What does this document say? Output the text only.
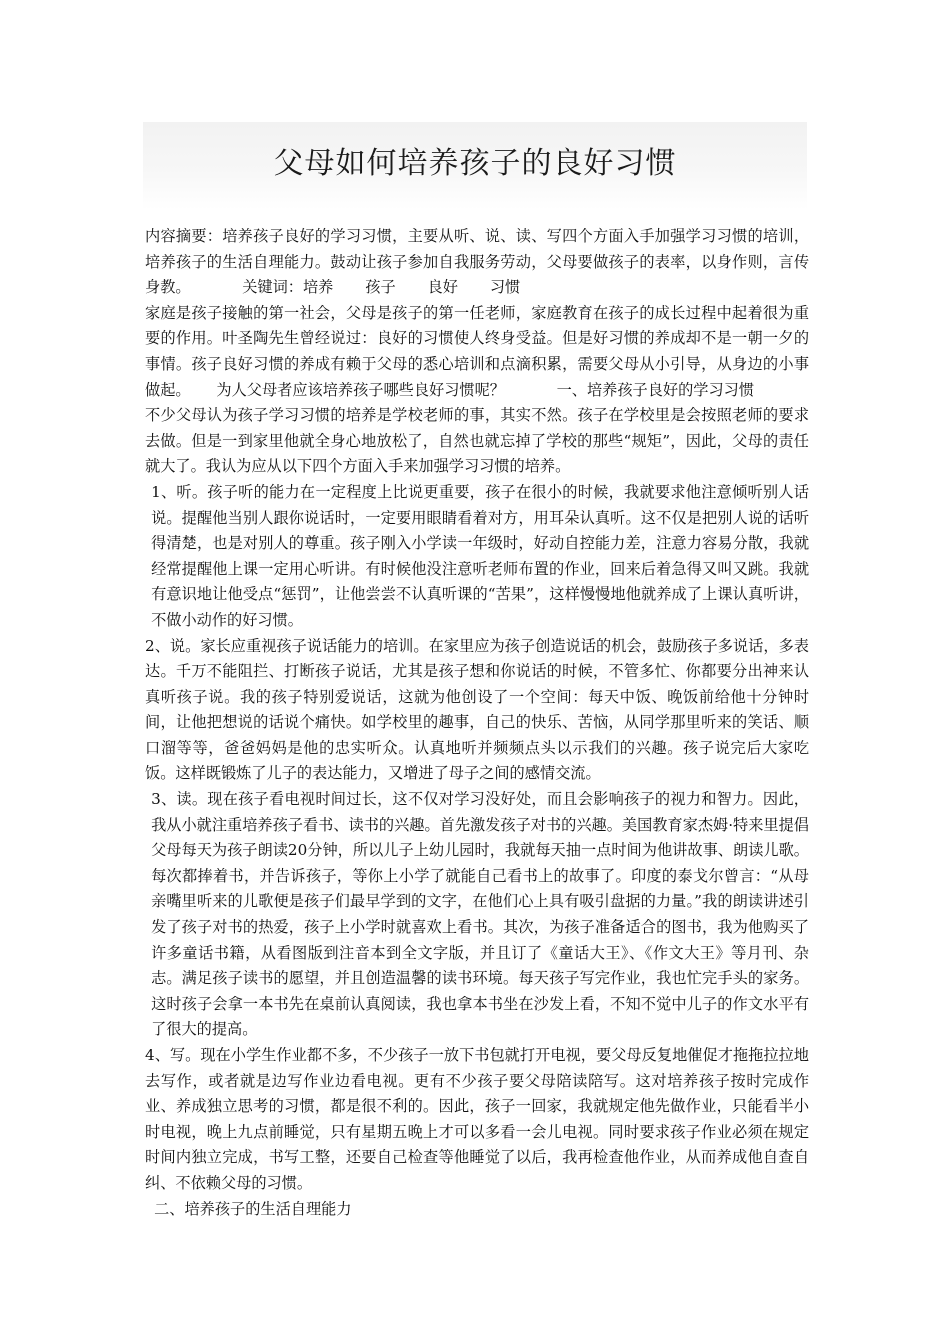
父母如何培养孩子的良好习惯

内容摘要：培养孩子良好的学习习惯，主要从听、说、读、写四个方面入手加强学习习惯的培训，培养孩子的生活自理能力。鼓动让孩子参加自我服务劳动，父母要做孩子的表率，以身作则，言传身教。	关键词：培养 孩子 良好 习惯

家庭是孩子接触的第一社会，父母是孩子的第一任老师，家庭教育在孩子的成长过程中起着很为重要的作用。叶圣陶先生曾经说过：良好的习惯使人终身受益。但是好习惯的养成却不是一朝一夕的事情。孩子良好习惯的养成有赖于父母的悉心培训和点滴积累，需要父母从小引导，从身边的小事做起。 为人父母者应该培养孩子哪些良好习惯呢？	一、培养孩子良好的学习习惯

不少父母认为孩子学习习惯的培养是学校老师的事，其实不然。孩子在学校里是会按照老师的要求去做。但是一到家里他就全身心地放松了，自然也就忘掉了学校的那些“规矩”，因此，父母的责任就大了。我认为应从以下四个方面入手来加强学习习惯的培养。

1、听。孩子听的能力在一定程度上比说更重要，孩子在很小的时候，我就要求他注意倾听别人话说。提醒他当别人跟你说话时，一定要用眼睛看着对方，用耳朵认真听。这不仅是把别人说的话听得清楚，也是对别人的尊重。孩子刚入小学读一年级时，好动自控能力差，注意力容易分散，我就经常提醒他上课一定用心听讲。有时候他没注意听老师布置的作业，回来后着急得又叫又跳。我就有意识地让他受点“惩罚”，让他尝尝不认真听课的“苦果”，这样慢慢地他就养成了上课认真听讲，不做小动作的好习惯。

2、说。家长应重视孩子说话能力的培训。在家里应为孩子创造说话的机会，鼓励孩子多说话，多表达。千万不能阻拦、打断孩子说话，尤其是孩子想和你说话的时候，不管多忙、你都要分出神来认真听孩子说。我的孩子特别爱说话，这就为他创设了一个空间：每天中饭、晚饭前给他十分钟时间，让他把想说的话说个痛快。如学校里的趣事，自己的快乐、苦恼，从同学那里听来的笑话、顺口溜等等，爸爸妈妈是他的忠实听众。认真地听并频频点头以示我们的兴趣。孩子说完后大家吃饭。这样既锻炼了儿子的表达能力，又增进了母子之间的感情交流。

3、读。现在孩子看电视时间过长，这不仅对学习没好处，而且会影响孩子的视力和智力。因此，我从小就注重培养孩子看书、读书的兴趣。首先激发孩子对书的兴趣。美国教育家杰姆·特来里提倡父母每天为孩子朗读20分钟，所以儿子上幼儿园时，我就每天抽一点时间为他讲故事、朗读儿歌。每次都捧着书，并告诉孩子，等你上小学了就能自己看书上的故事了。印度的泰戈尔曾言：“从母亲嘴里听来的儿歌便是孩子们最早学到的文字，在他们心上具有吸引盘据的力量。”我的朗读讲述引发了孩子对书的热爱，孩子上小学时就喜欢上看书。其次，为孩子准备适合的图书，我为他购买了许多童话书籍，从看图版到注音本到全文字版，并且订了《童话大王》、《作文大王》等月刊、杂志。满足孩子读书的愿望，并且创造温馨的读书环境。每天孩子写完作业，我也忙完手头的家务。这时孩子会拿一本书先在桌前认真阅读，我也拿本书坐在沙发上看，不知不觉中儿子的作文水平有了很大的提高。

4、写。现在小学生作业都不多，不少孩子一放下书包就打开电视，要父母反复地催促才拖拖拉拉地去写作，或者就是边写作业边看电视。更有不少孩子要父母陪读陪写。这对培养孩子按时完成作业、养成独立思考的习惯，都是很不利的。因此，孩子一回家，我就规定他先做作业，只能看半小时电视，晚上九点前睡觉，只有星期五晚上才可以多看一会儿电视。同时要求孩子作业必须在规定时间内独立完成，书写工整，还要自己检查等他睡觉了以后，我再检查他作业，从而养成他自查自纠、不依赖父母的习惯。

二、培养孩子的生活自理能力
